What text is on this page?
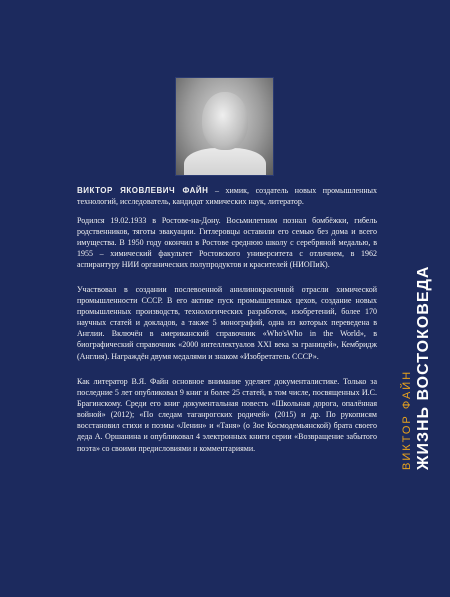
ВИКТОР ЯКОВЛЕВИЧ ФАЙН – химик, создатель новых промышленных технологий, исследователь, кандидат химических наук, литератор.

Родился 19.02.1933 в Ростове-на-Дону. Восьмилетним познал бомбёжки, гибель родственников, тяготы эвакуации. Гитлеровцы оставили его семью без дома и всего имущества. В 1950 году окончил в Ростове среднюю школу с серебряной медалью, в 1955 – химический факультет Ростовского университета с отличием, в 1962 аспирантуру НИИ органических полупродуктов и красителей (НИОПиК).

Участвовал в создании послевоенной анилинокрасочной отрасли химической промышленности СССР. В его активе пуск промышленных цехов, создание новых промышленных производств, технологических разработок, изобретений, более 170 научных статей и докладов, а также 5 монографий, одна из которых переведена в Англии. Включён в американский справочник «Who'sWho in the World», в биографический справочник «2000 интеллектуалов XXI века за границей», Кембридж (Англия). Награждён двумя медалями и знаком «Изобретатель СССР».

Как литератор В.Я. Файн основное внимание уделяет документалистике. Только за последние 5 лет опубликовал 9 книг и более 25 статей, в том числе, посвященных И.С. Брагинскому. Среди его книг документальная повесть «Школьная дорога, опалённая войной» (2012); «По следам таганрогских родичей» (2015) и др. По рукописям восстановил стихи и поэмы «Ленин» и «Таня» (о Зое Космодемьянской) брата своего деда А. Оршанина и опубликовал 4 электронных книги серии «Возвращение забытого поэта» со своими предисловиями и комментариями.	ВИКТОР ФАЙН ЖИЗНЬ ВОСТОКОВЕДА
